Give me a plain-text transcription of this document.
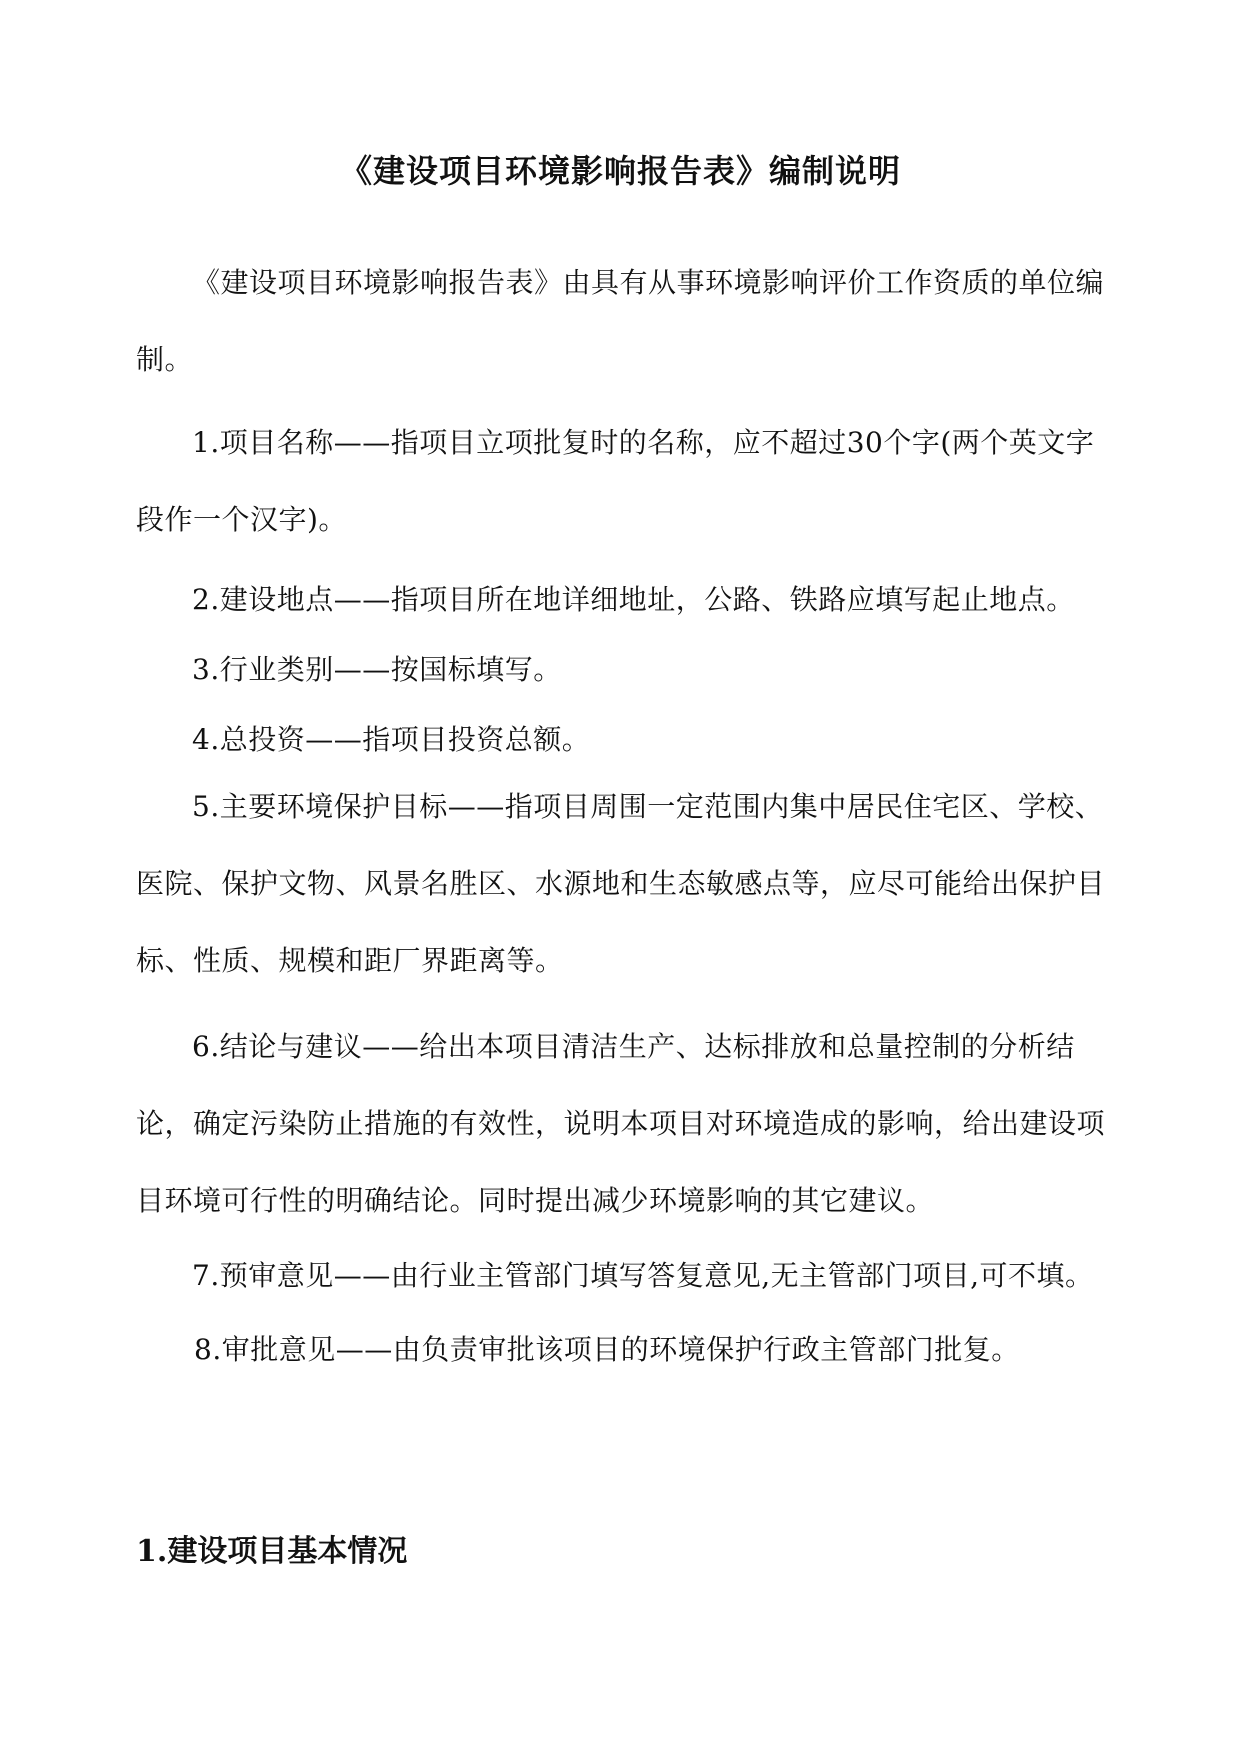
《建设项目环境影响报告表》编制说明
《建设项目环境影响报告表》由具有从事环境影响评价工作资质的单位编制。
1.项目名称——指项目立项批复时的名称，应不超过30个字(两个英文字段作一个汉字)。
2.建设地点——指项目所在地详细地址，公路、铁路应填写起止地点。
3.行业类别——按国标填写。
4.总投资——指项目投资总额。
5.主要环境保护目标——指项目周围一定范围内集中居民住宅区、学校、医院、保护文物、风景名胜区、水源地和生态敏感点等，应尽可能给出保护目标、性质、规模和距厂界距离等。
6.结论与建议——给出本项目清洁生产、达标排放和总量控制的分析结论，确定污染防止措施的有效性，说明本项目对环境造成的影响，给出建设项目环境可行性的明确结论。同时提出减少环境影响的其它建议。
7.预审意见——由行业主管部门填写答复意见,无主管部门项目,可不填。
8.审批意见——由负责审批该项目的环境保护行政主管部门批复。
1.建设项目基本情况
